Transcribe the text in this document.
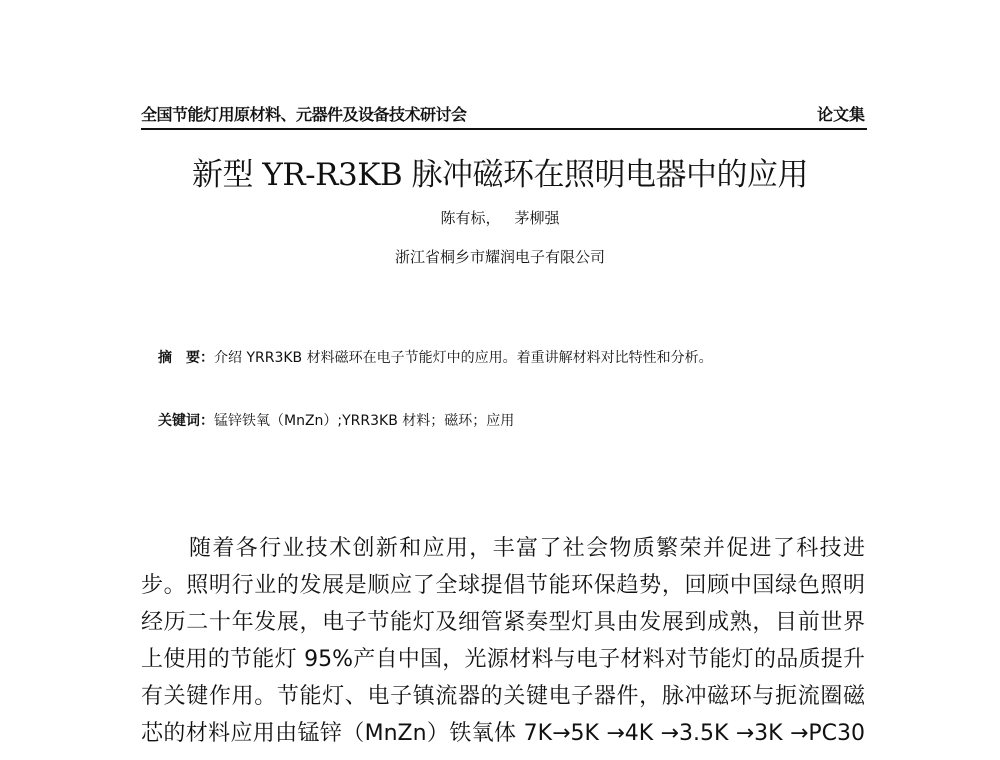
全国节能灯用原材料、元器件及设备技术研讨会	论文集
新型 YR-R3KB 脉冲磁环在照明电器中的应用
陈有标， 茅柳强
浙江省桐乡市耀润电子有限公司
摘 要：介绍 YRR3KB 材料磁环在电子节能灯中的应用。着重讲解材料对比特性和分析。
关键词：锰锌铁氧（MnZn）;YRR3KB 材料；磁环；应用
随着各行业技术创新和应用，丰富了社会物质繁荣并促进了科技进
步。照明行业的发展是顺应了全球提倡节能环保趋势，回顾中国绿色照明
经历二十年发展，电子节能灯及细管紧奏型灯具由发展到成熟，目前世界
上使用的节能灯 95%产自中国，光源材料与电子材料对节能灯的品质提升
有关键作用。节能灯、电子镇流器的关键电子器件，脉冲磁环与扼流圈磁
芯的材料应用由锰锌（MnZn）铁氧体 7K→5K →4K →3.5K →3K →PC30
